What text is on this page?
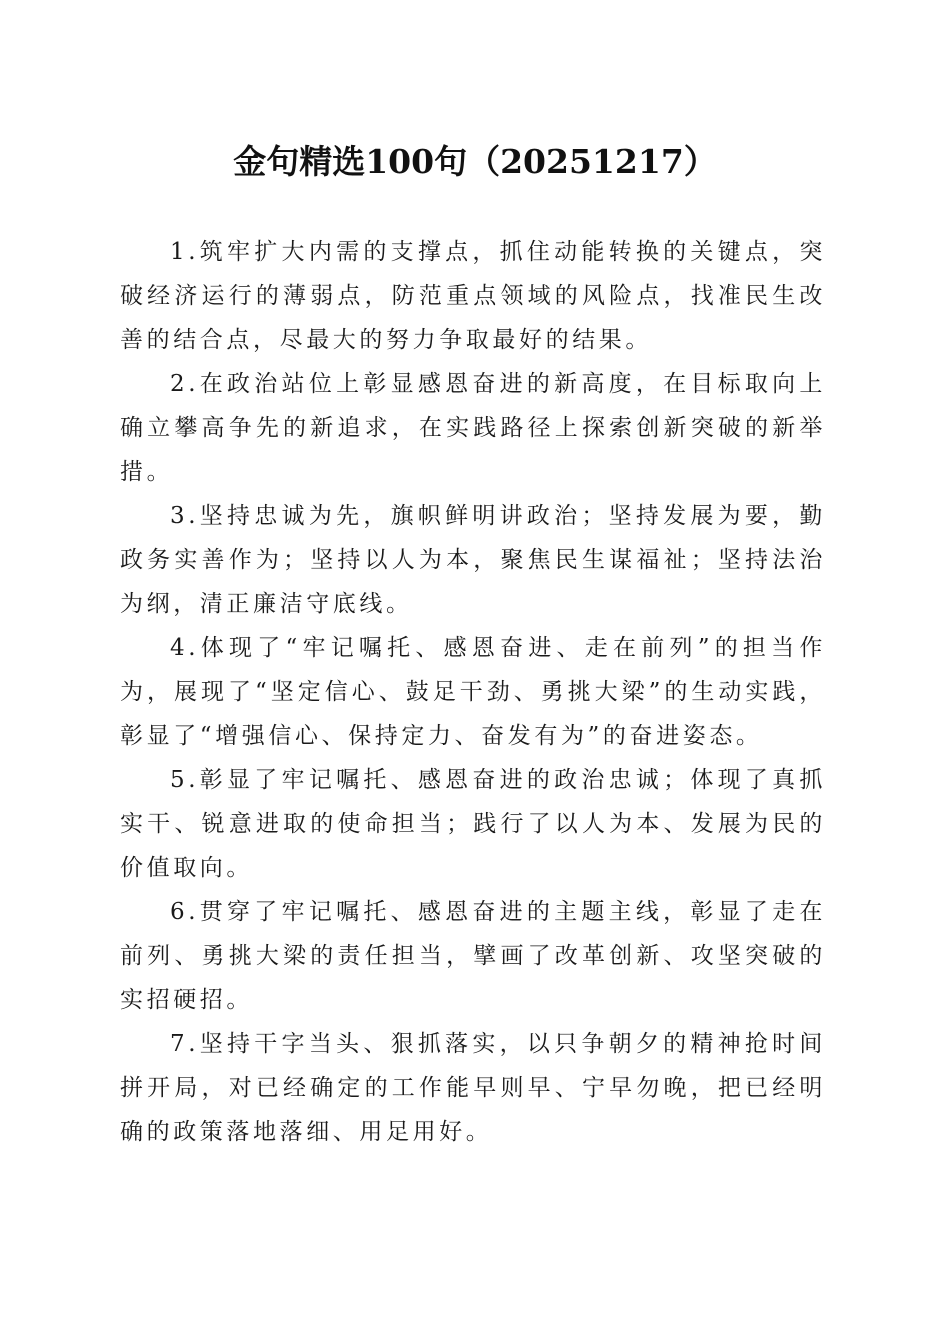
金句精选100句（20251217）

1.筑牢扩大内需的支撑点，抓住动能转换的关键点，突破经济运行的薄弱点，防范重点领域的风险点，找准民生改善的结合点，尽最大的努力争取最好的结果。

2.在政治站位上彰显感恩奋进的新高度，在目标取向上确立攀高争先的新追求，在实践路径上探索创新突破的新举措。

3.坚持忠诚为先，旗帜鲜明讲政治；坚持发展为要，勤政务实善作为；坚持以人为本，聚焦民生谋福祉；坚持法治为纲，清正廉洁守底线。

4.体现了“牢记嘱托、感恩奋进、走在前列”的担当作为，展现了“坚定信心、鼓足干劲、勇挑大梁”的生动实践，彰显了“增强信心、保持定力、奋发有为”的奋进姿态。

5.彰显了牢记嘱托、感恩奋进的政治忠诚；体现了真抓实干、锐意进取的使命担当；践行了以人为本、发展为民的价值取向。

6.贯穿了牢记嘱托、感恩奋进的主题主线，彰显了走在前列、勇挑大梁的责任担当，擘画了改革创新、攻坚突破的实招硬招。

7.坚持干字当头、狠抓落实，以只争朝夕的精神抢时间拼开局，对已经确定的工作能早则早、宁早勿晚，把已经明确的政策落地落细、用足用好。
